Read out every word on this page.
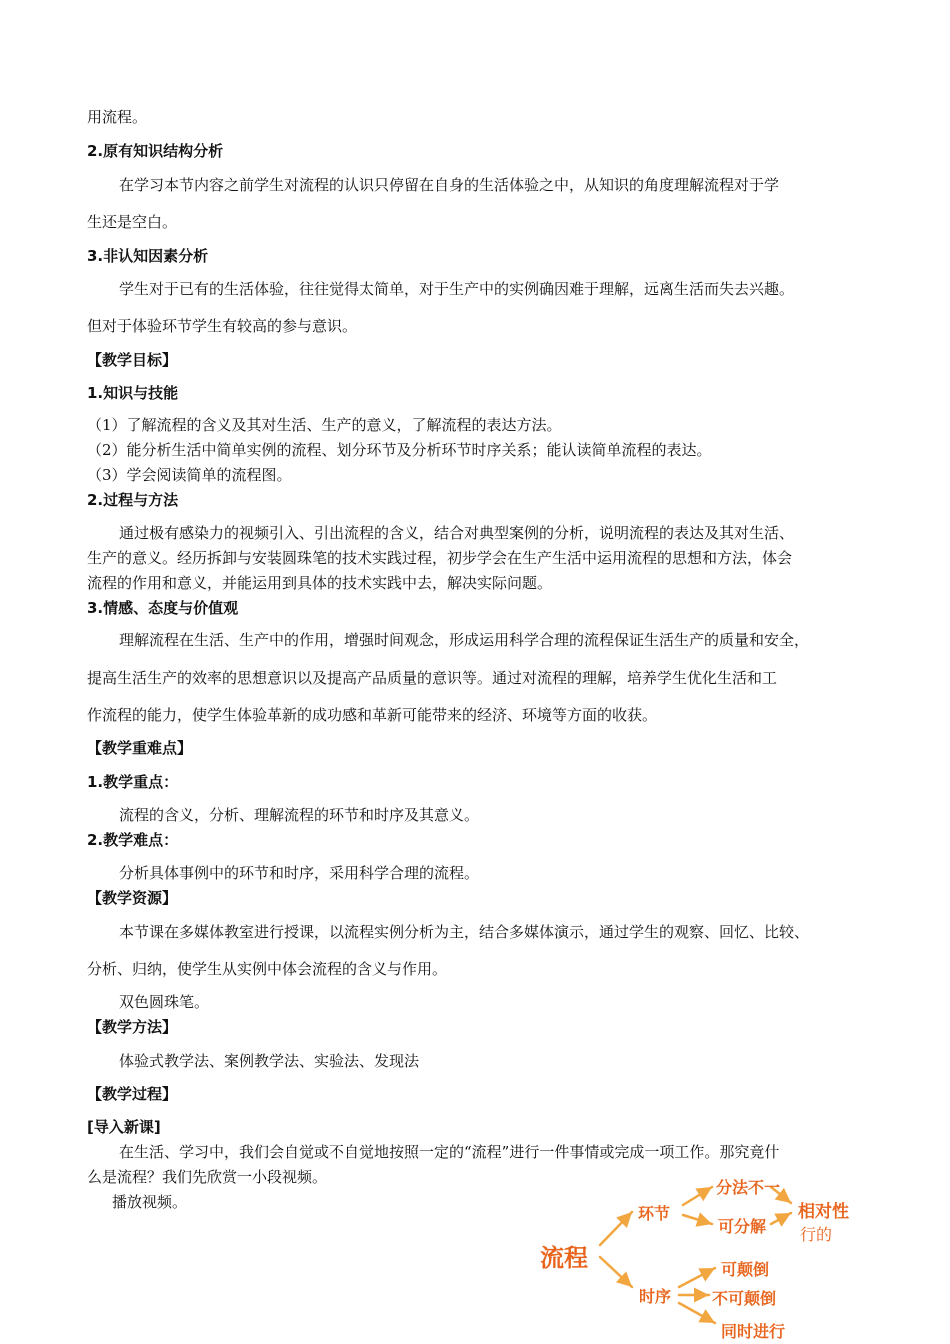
用流程。
2.原有知识结构分析
在学习本节内容之前学生对流程的认识只停留在自身的生活体验之中，从知识的角度理解流程对于学
生还是空白。
3.非认知因素分析
学生对于已有的生活体验，往往觉得太简单，对于生产中的实例确因难于理解，远离生活而失去兴趣。
但对于体验环节学生有较高的参与意识。
【教学目标】
1.知识与技能
（1）了解流程的含义及其对生活、生产的意义，了解流程的表达方法。
（2）能分析生活中简单实例的流程、划分环节及分析环节时序关系；能认读简单流程的表达。
（3）学会阅读简单的流程图。
2.过程与方法
通过极有感染力的视频引入、引出流程的含义，结合对典型案例的分析，说明流程的表达及其对生活、
生产的意义。经历拆卸与安装圆珠笔的技术实践过程，初步学会在生产生活中运用流程的思想和方法，体会
流程的作用和意义，并能运用到具体的技术实践中去，解决实际问题。
3.情感、态度与价值观
理解流程在生活、生产中的作用，增强时间观念，形成运用科学合理的流程保证生活生产的质量和安全，
提高生活生产的效率的思想意识以及提高产品质量的意识等。通过对流程的理解，培养学生优化生活和工
作流程的能力，使学生体验革新的成功感和革新可能带来的经济、环境等方面的收获。
【教学重难点】
1.教学重点：
流程的含义，分析、理解流程的环节和时序及其意义。
2.教学难点：
分析具体事例中的环节和时序，采用科学合理的流程。
【教学资源】
本节课在多媒体教室进行授课，以流程实例分析为主，结合多媒体演示，通过学生的观察、回忆、比较、
分析、归纳，使学生从实例中体会流程的含义与作用。
双色圆珠笔。
【教学方法】
体验式教学法、案例教学法、实验法、发现法
【教学过程】
[导入新课]
在生活、学习中，我们会自觉或不自觉地按照一定的“流程”进行一件事情或完成一项工作。那究竟什
么是流程？我们先欣赏一小段视频。
播放视频。
流程
环节
分法不一
可分解
相对性
行的
时序
可颠倒
不可颠倒
同时进行
